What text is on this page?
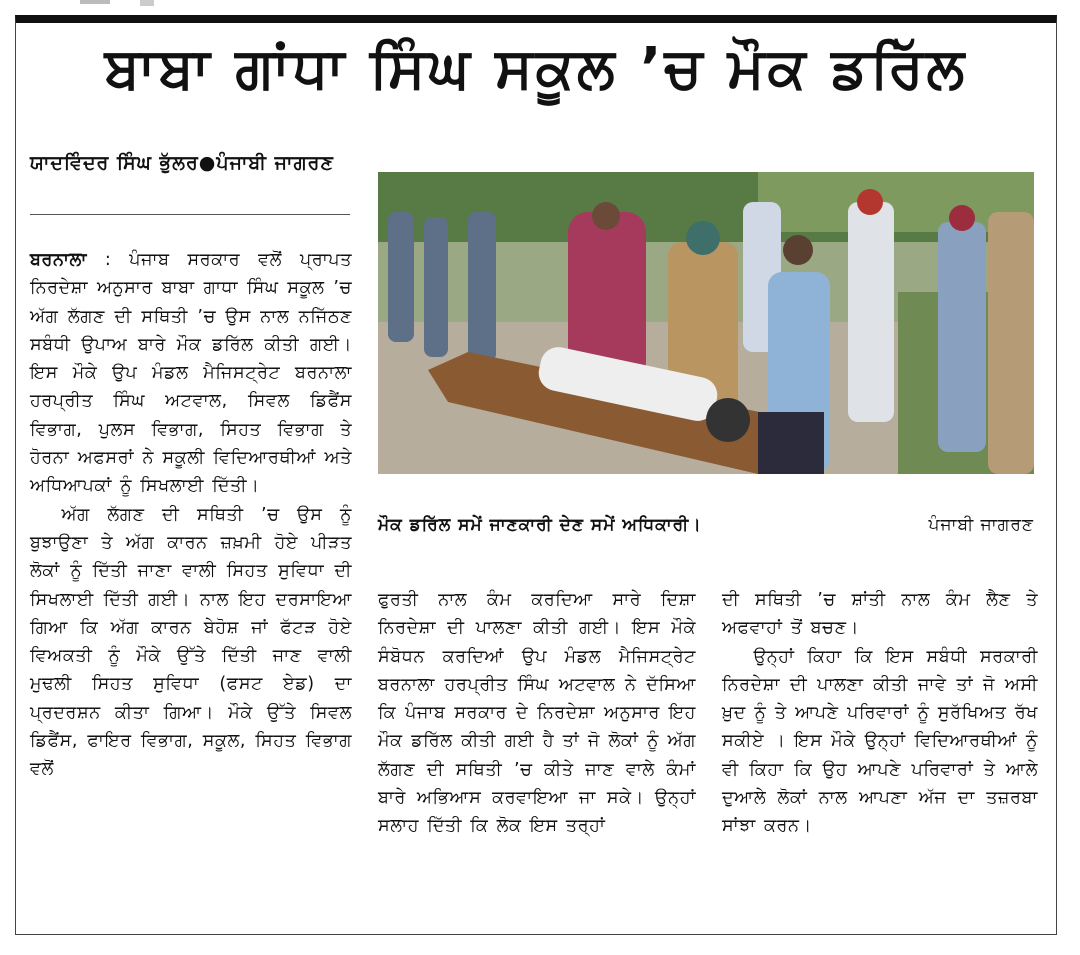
ਬਾਬਾ ਗਾਂਧਾ ਸਿੰਘ ਸਕੂਲ ’ਚ ਮੌਕ ਡਰਿੱਲ
ਯਾਦਵਿੰਦਰ ਸਿੰਘ ਭੁੱਲਰ●ਪੰਜਾਬੀ ਜਾਗਰਣ
ਮੌਕ ਡਰਿੱਲ ਸਮੇਂ ਜਾਣਕਾਰੀ ਦੇਣ ਸਮੇਂ ਅਧਿਕਾਰੀ।	ਪੰਜਾਬੀ ਜਾਗਰਣ

ਬਰਨਾਲਾ : ਪੰਜਾਬ ਸਰਕਾਰ ਵਲੋਂ ਪ੍ਰਾਪਤ ਨਿਰਦੇਸ਼ਾ ਅਨੁਸਾਰ ਬਾਬਾ ਗਾਧਾ ਸਿੰਘ ਸਕੂਲ ’ਚ ਅੱਗ ਲੱਗਣ ਦੀ ਸਥਿਤੀ ’ਚ ਉਸ ਨਾਲ ਨਜਿੱਠਣ ਸਬੰਧੀ ਉਪਾਅ ਬਾਰੇ ਮੌਕ ਡਰਿੱਲ ਕੀਤੀ ਗਈ। ਇਸ ਮੌਕੇ ਉਪ ਮੰਡਲ ਮੈਜਿਸਟ੍ਰੇਟ ਬਰਨਾਲਾ ਹਰਪ੍ਰੀਤ ਸਿੰਘ ਅਟਵਾਲ, ਸਿਵਲ ਡਿਫੈਂਸ ਵਿਭਾਗ, ਪੁਲਸ ਵਿਭਾਗ, ਸਿਹਤ ਵਿਭਾਗ ਤੇ ਹੋਰਨਾ ਅਫਸਰਾਂ ਨੇ ਸਕੂਲੀ ਵਿਦਿਆਰਥੀਆਂ ਅਤੇ ਅਧਿਆਪਕਾਂ ਨੂੰ ਸਿਖਲਾਈ ਦਿੱਤੀ।

ਅੱਗ ਲੱਗਣ ਦੀ ਸਥਿਤੀ ’ਚ ਉਸ ਨੂੰ ਬੁਝਾਉਣਾ ਤੇ ਅੱਗ ਕਾਰਨ ਜ਼ਖ਼ਮੀ ਹੋਏ ਪੀੜਤ ਲੋਕਾਂ ਨੂੰ ਦਿੱਤੀ ਜਾਣਾ ਵਾਲੀ ਸਿਹਤ ਸੁਵਿਧਾ ਦੀ ਸਿਖਲਾਈ ਦਿੱਤੀ ਗਈ। ਨਾਲ ਇਹ ਦਰਸਾਇਆ ਗਿਆ ਕਿ ਅੱਗ ਕਾਰਨ ਬੇਹੋਸ਼ ਜਾਂ ਫੱਟੜ ਹੋਏ ਵਿਅਕਤੀ ਨੂੰ ਮੌਕੇ ਉੱਤੇ ਦਿੱਤੀ ਜਾਣ ਵਾਲੀ ਮੁਢਲੀ ਸਿਹਤ ਸੁਵਿਧਾ (ਫਸਟ ਏਡ) ਦਾ ਪ੍ਰਦਰਸ਼ਨ ਕੀਤਾ ਗਿਆ। ਮੌਕੇ ਉੱਤੇ ਸਿਵਲ ਡਿਫੈਂਸ, ਫਾਇਰ ਵਿਭਾਗ, ਸਕੂਲ, ਸਿਹਤ ਵਿਭਾਗ ਵਲੋਂ

ਫੁਰਤੀ ਨਾਲ ਕੰਮ ਕਰਦਿਆ ਸਾਰੇ ਦਿਸ਼ਾ ਨਿਰਦੇਸ਼ਾ ਦੀ ਪਾਲਣਾ ਕੀਤੀ ਗਈ। ਇਸ ਮੌਕੇ ਸੰਬੋਧਨ ਕਰਦਿਆਂ ਉਪ ਮੰਡਲ ਮੈਜਿਸਟ੍ਰੇਟ ਬਰਨਾਲਾ ਹਰਪ੍ਰੀਤ ਸਿੰਘ ਅਟਵਾਲ ਨੇ ਦੱਸਿਆ ਕਿ ਪੰਜਾਬ ਸਰਕਾਰ ਦੇ ਨਿਰਦੇਸ਼ਾ ਅਨੁਸਾਰ ਇਹ ਮੌਕ ਡਰਿੱਲ ਕੀਤੀ ਗਈ ਹੈ ਤਾਂ ਜੋ ਲੋਕਾਂ ਨੂੰ ਅੱਗ ਲੱਗਣ ਦੀ ਸਥਿਤੀ ’ਚ ਕੀਤੇ ਜਾਣ ਵਾਲੇ ਕੰਮਾਂ ਬਾਰੇ ਅਭਿਆਸ ਕਰਵਾਇਆ ਜਾ ਸਕੇ। ਉਨ੍ਹਾਂ ਸਲਾਹ ਦਿੱਤੀ ਕਿ ਲੋਕ ਇਸ ਤਰ੍ਹਾਂ

ਦੀ ਸਥਿਤੀ ’ਚ ਸ਼ਾਂਤੀ ਨਾਲ ਕੰਮ ਲੈਣ ਤੇ ਅਫਵਾਹਾਂ ਤੋਂ ਬਚਣ।

ਉਨ੍ਹਾਂ ਕਿਹਾ ਕਿ ਇਸ ਸਬੰਧੀ ਸਰਕਾਰੀ ਨਿਰਦੇਸ਼ਾ ਦੀ ਪਾਲਣਾ ਕੀਤੀ ਜਾਵੇ ਤਾਂ ਜੋ ਅਸੀ ਖ਼ੁਦ ਨੂੰ ਤੇ ਆਪਣੇ ਪਰਿਵਾਰਾਂ ਨੂੰ ਸੁਰੱਖਿਅਤ ਰੱਖ ਸਕੀਏ । ਇਸ ਮੌਕੇ ਉਨ੍ਹਾਂ ਵਿਦਿਆਰਥੀਆਂ ਨੂੰ ਵੀ ਕਿਹਾ ਕਿ ਉਹ ਆਪਣੇ ਪਰਿਵਾਰਾਂ ਤੇ ਆਲੇ ਦੁਆਲੇ ਲੋਕਾਂ ਨਾਲ ਆਪਣਾ ਅੱਜ ਦਾ ਤਜ਼ਰਬਾ ਸਾਂਝਾ ਕਰਨ।
